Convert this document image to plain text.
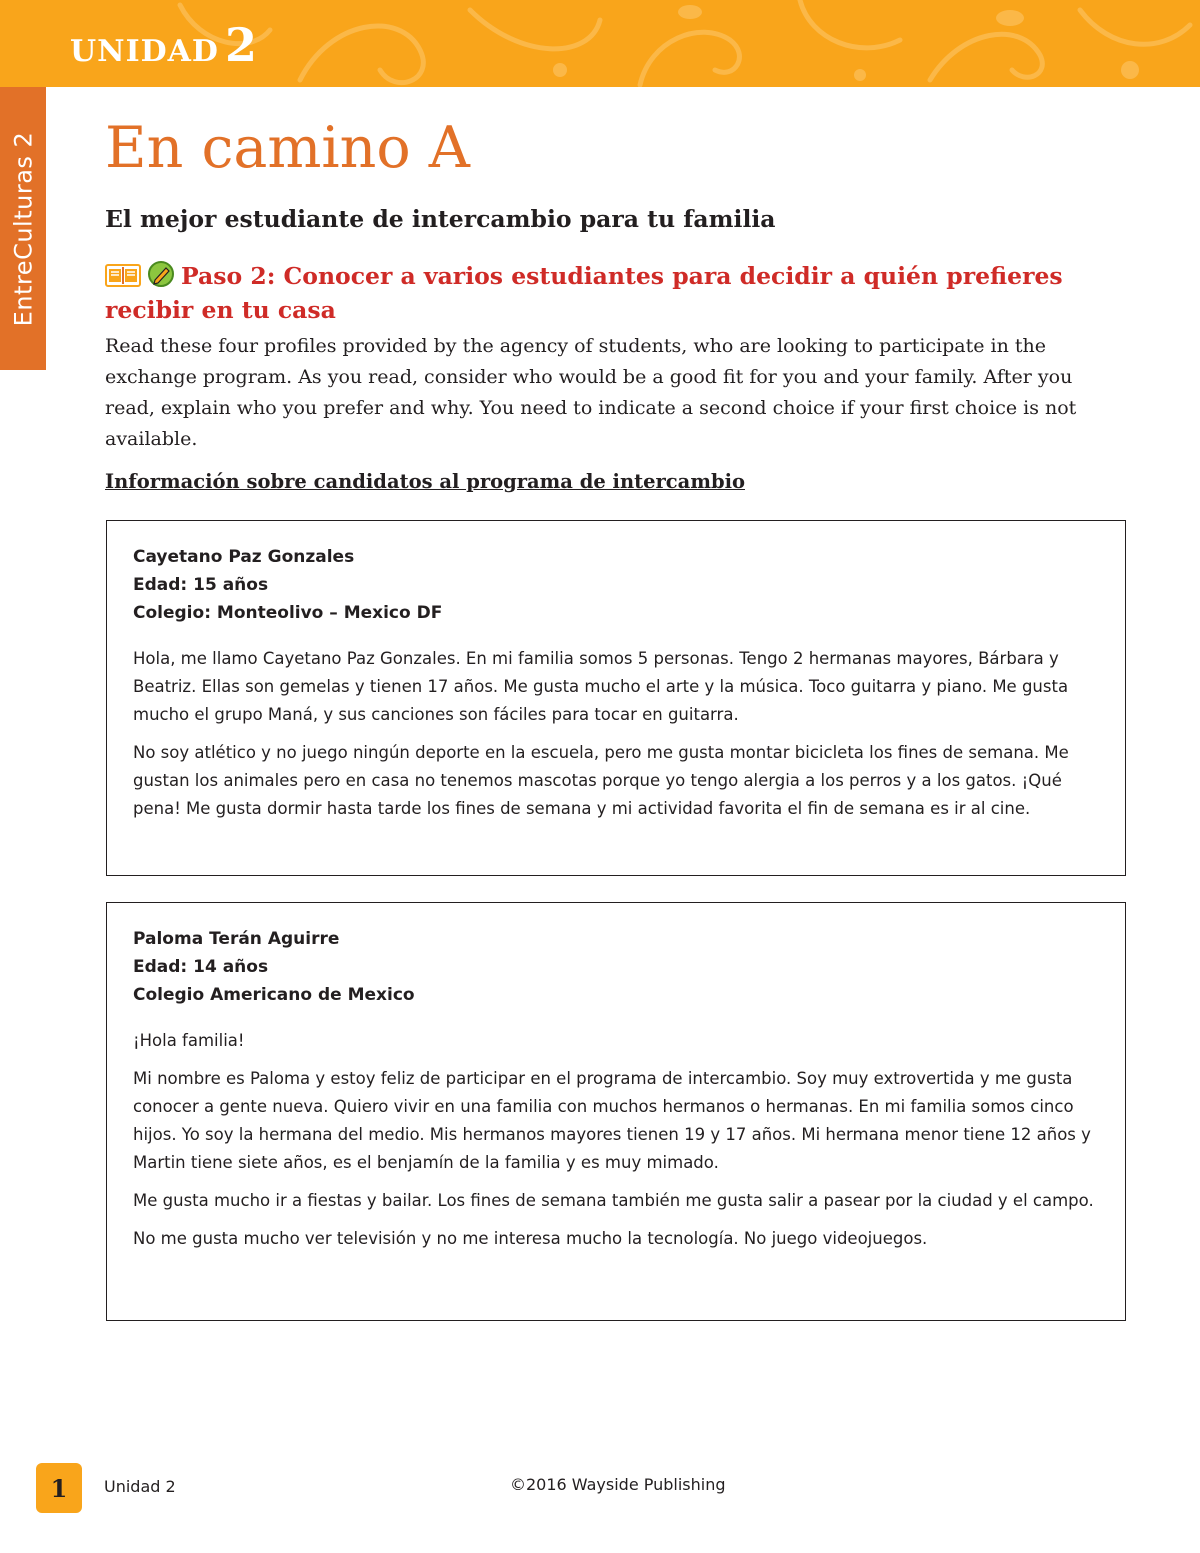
UNIDAD 2
EntreCulturas 2 En camino A
El mejor estudiante de intercambio para tu familia
Paso 2: Conocer a varios estudiantes para decidir a quién prefieres recibir en tu casa

Read these four profiles provided by the agency of students, who are looking to participate in the exchange program. As you read, consider who would be a good fit for you and your family. After you read, explain who you prefer and why. You need to indicate a second choice if your first choice is not available.

Información sobre candidatos al programa de intercambio

Cayetano Paz Gonzales

Edad: 15 años

Colegio: Monteolivo – Mexico DF

Hola, me llamo Cayetano Paz Gonzales. En mi familia somos 5 personas. Tengo 2 hermanas mayores, Bárbara y Beatriz. Ellas son gemelas y tienen 17 años. Me gusta mucho el arte y la música. Toco guitarra y piano. Me gusta mucho el grupo Maná, y sus canciones son fáciles para tocar en guitarra.

No soy atlético y no juego ningún deporte en la escuela, pero me gusta montar bicicleta los fines de semana. Me gustan los animales pero en casa no tenemos mascotas porque yo tengo alergia a los perros y a los gatos. ¡Qué pena! Me gusta dormir hasta tarde los fines de semana y mi actividad favorita el fin de semana es ir al cine.

Paloma Terán Aguirre

Edad: 14 años

Colegio Americano de Mexico

¡Hola familia!

Mi nombre es Paloma y estoy feliz de participar en el programa de intercambio. Soy muy extrovertida y me gusta conocer a gente nueva. Quiero vivir en una familia con muchos hermanos o hermanas. En mi familia somos cinco hijos. Yo soy la hermana del medio. Mis hermanos mayores tienen 19 y 17 años. Mi hermana menor tiene 12 años y Martin tiene siete años, es el benjamín de la familia y es muy mimado.

Me gusta mucho ir a fiestas y bailar. Los fines de semana también me gusta salir a pasear por la ciudad y el campo.

No me gusta mucho ver televisión y no me interesa mucho la tecnología. No juego videojuegos.

1	Unidad 2	©2016 Wayside Publishing
